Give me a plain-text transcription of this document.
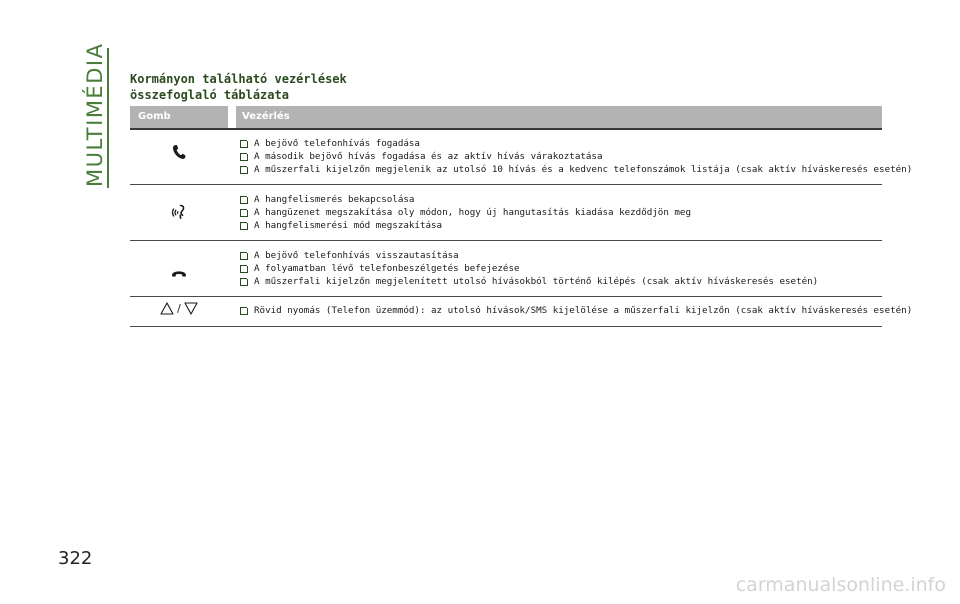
MULTIMÉDIA Kormányon található vezérlések
összefoglaló táblázata
Gomb	Vezérlés
A bejövő telefonhívás fogadása
A második bejövő hívás fogadása és az aktív hívás várakoztatása
A műszerfali kijelzőn megjelenik az utolsó 10 hívás és a kedvenc telefonszámok listája (csak aktív híváskeresés esetén)
A hangfelismerés bekapcsolása
A hangüzenet megszakítása oly módon, hogy új hangutasítás kiadása kezdődjön meg
A hangfelismerési mód megszakítása
A bejövő telefonhívás visszautasítása
A folyamatban lévő telefonbeszélgetés befejezése
A műszerfali kijelzőn megjelenített utolsó hívásokból történő kilépés (csak aktív híváskeresés esetén)
/	Rövid nyomás (Telefon üzemmód): az utolsó hívások/SMS kijelölése a műszerfali kijelzőn (csak aktív híváskeresés esetén)
322
carmanualsonline.info
